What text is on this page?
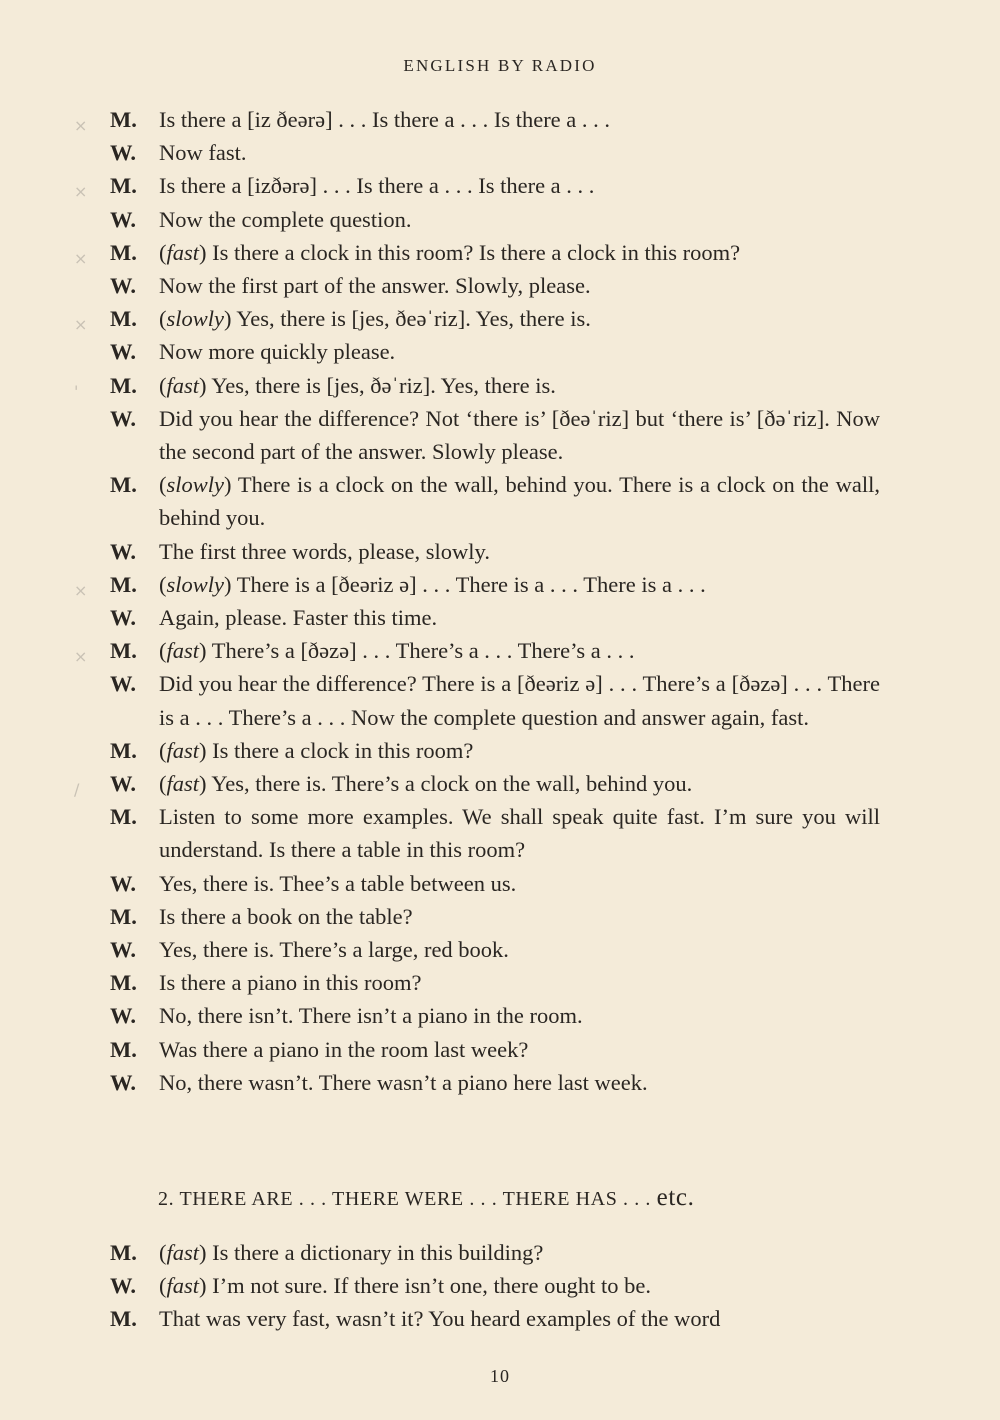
ENGLISH BY RADIO
× M. Is there a [iz ðeərə] . . . Is there a . . . Is there a . . .
W.	Now fast.
× M. Is there a [izðərə] . . . Is there a . . . Is there a . . .
W.	Now the complete question.
× M. (fast) Is there a clock in this room? Is there a clock in this room?
W.	Now the first part of the answer. Slowly, please.
× M. (slowly) Yes, there is [jes, ðeəˈriz]. Yes, there is.
W.	Now more quickly please.
'	M. (fast) Yes, there is [jes, ðəˈriz]. Yes, there is.
W.	Did you hear the difference? Not ‘there is’ [ðeəˈriz] but ‘there is’ [ðəˈriz]. Now the second part of the answer. Slowly please.
M. (slowly) There is a clock on the wall, behind you. There is a clock on the wall, behind you.
W.	The first three words, please, slowly.
× M. (slowly) There is a [ðeəriz ə] . . . There is a . . . There is a . . .
W.	Again, please. Faster this time.
× M. (fast) There’s a [ðəzə] . . . There’s a . . . There’s a . . .
W.	Did you hear the difference? There is a [ðeəriz ə] . . . There’s a [ðəzə] . . . There is a . . . There’s a . . . Now the complete question and answer again, fast.
M. (fast) Is there a clock in this room?
/	W.	(fast) Yes, there is. There’s a clock on the wall, behind you.
M. Listen to some more examples. We shall speak quite fast. I’m sure you will understand. Is there a table in this room?
W.	Yes, there is. Thee’s a table between us.
M. Is there a book on the table?
W.	Yes, there is. There’s a large, red book.
M. Is there a piano in this room?
W.	No, there isn’t. There isn’t a piano in the room.
M. Was there a piano in the room last week?
W.	No, there wasn’t. There wasn’t a piano here last week.
2. THERE ARE . . . THERE WERE . . . THERE HAS . . . etc.
M. (fast) Is there a dictionary in this building?
W.	(fast) I’m not sure. If there isn’t one, there ought to be.
M. That was very fast, wasn’t it? You heard examples of the word
10
